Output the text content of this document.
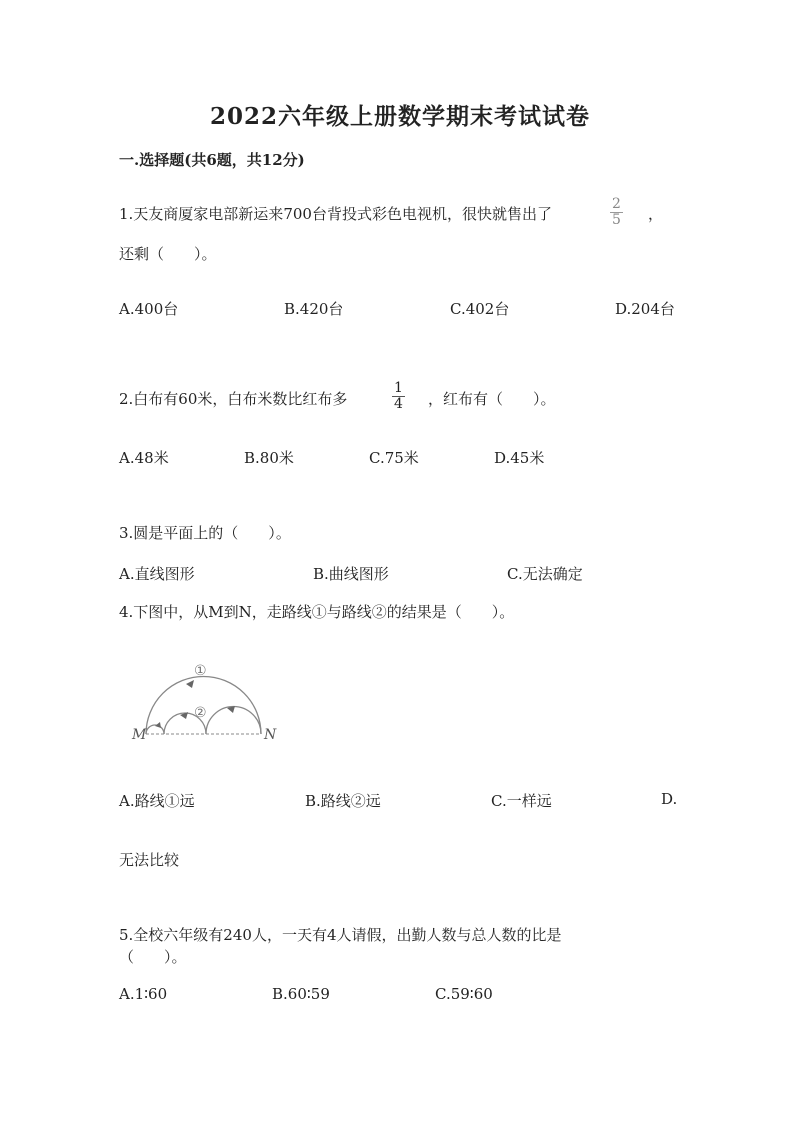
2022六年级上册数学期末考试试卷
一.选择题(共6题，共12分)
1.天友商厦家电部新运来700台背投式彩色电视机，很快就售出了	$\frac{2}{5}$ ，
还剩（　　）。
A.400台	B.420台	C.402台	D.204台
2.白布有60米，白布米数比红布多	$\frac{1}{4}$ ，红布有（　　）。
A.48米	B.80米	C.75米	D.45米
3.圆是平面上的（　　）。
A.直线图形	B.曲线图形	C.无法确定
4.下图中，从M到N，走路线①与路线②的结果是（　　）。
①
②
M	N
A.路线①远	B.路线②远	C.一样远	D.
无法比较
5.全校六年级有240人，一天有4人请假，出勤人数与总人数的比是
（　　）。
A.1∶60	B.60∶59	C.59∶60
